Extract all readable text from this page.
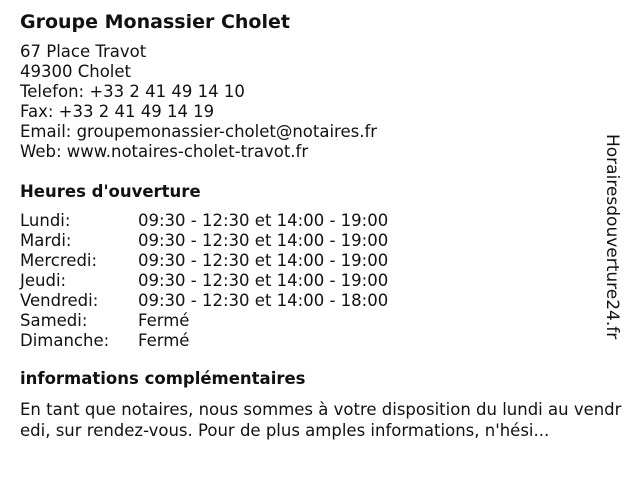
Groupe Monassier Cholet
67 Place Travot
49300 Cholet
Telefon: +33 2 41 49 14 10
Fax: +33 2 41 49 14 19
Email: groupemonassier-cholet@notaires.fr
Web: www.notaires-cholet-travot.fr
Heures d'ouverture
Lundi:	09:30 - 12:30 et 14:00 - 19:00
Mardi:	09:30 - 12:30 et 14:00 - 19:00
Mercredi:	09:30 - 12:30 et 14:00 - 19:00
Jeudi:	09:30 - 12:30 et 14:00 - 19:00
Vendredi:	09:30 - 12:30 et 14:00 - 18:00
Samedi:	Fermé
Dimanche:	Fermé
informations complémentaires
En tant que notaires, nous sommes à votre disposition du lundi au vendredi, sur rendez-vous. Pour de plus amples informations, n'hési...
Horairesdouverture24.fr
